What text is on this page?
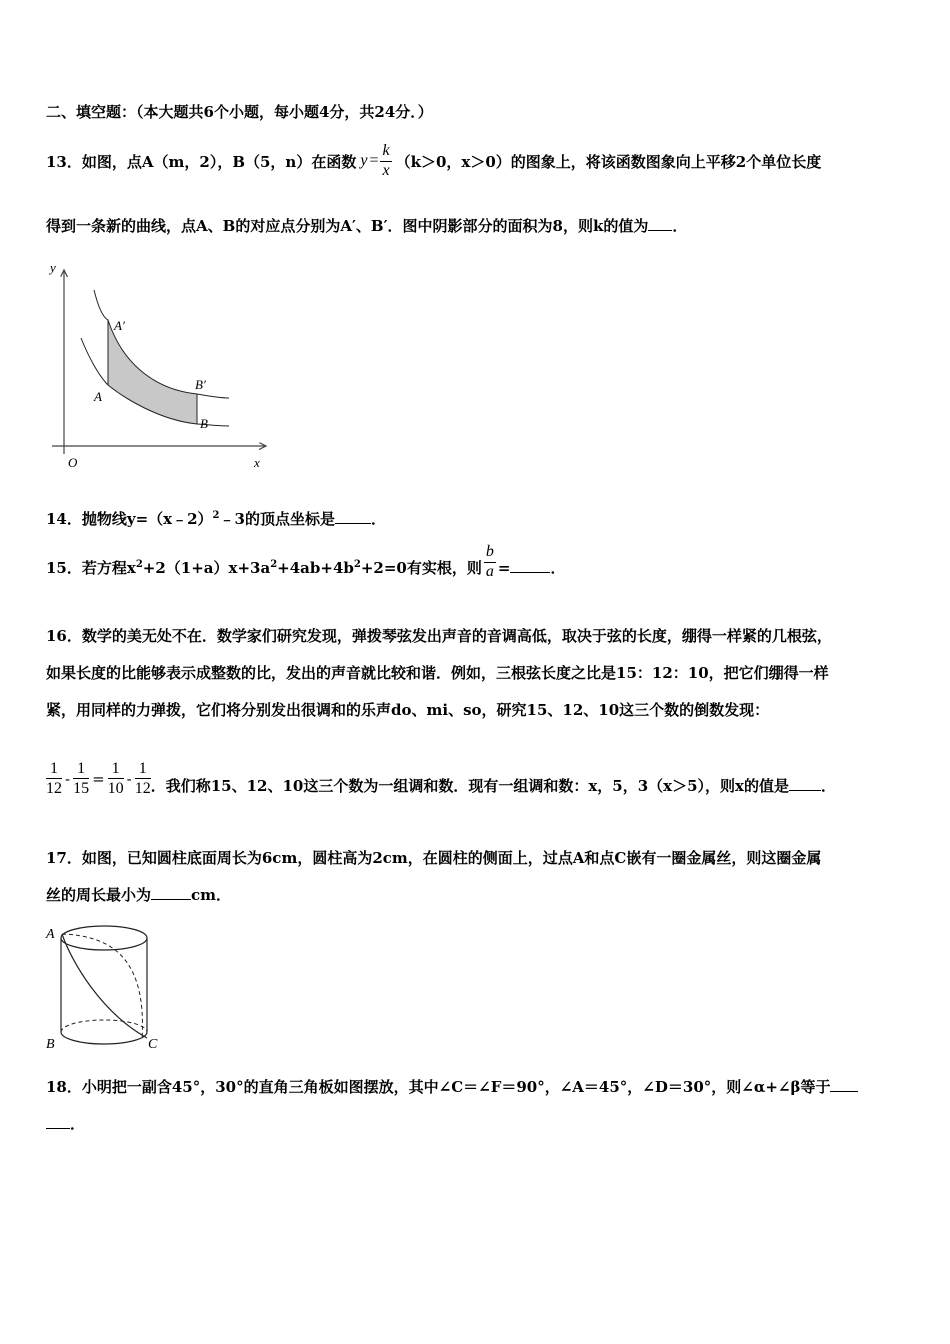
二、填空题：（本大题共6个小题，每小题4分，共24分．）
13．如图，点A（m，2），B（5，n）在函数 $y = \frac{k}{x} (k>0$，x＞0）的图象上，将该函数图象向上平移2个单位长度
得到一条新的曲线，点A、B的对应点分别为A′、B′．图中阴影部分的面积为8，则k的值为 ．
y
x
O
A′
A
B′
B
14．抛物线y=（x﹣2）$^2$﹣3的顶点坐标是 ．
15．若方程$x^2+2(1+a)x+3a^2+4ab+4b^2+2=0$有实根，则 $\frac{b}{a}$ =	．
16．数学的美无处不在．数学家们研究发现，弹拨琴弦发出声音的音调高低，取决于弦的长度，绷得一样紧的几根弦，
如果长度的比能够表示成整数的比，发出的声音就比较和谐．例如，三根弦长度之比是15：12：10，把它们绷得一样
紧，用同样的力弹拨，它们将分别发出很调和的乐声do、mi、so，研究15、12、10这三个数的倒数发现：
$\frac{1}{12} - \frac{1}{15} = \frac{1}{10} - \frac{1}{12}$ ．我们称15、12、10这三个数为一组调和数．现有一组调和数：x，5，3（x＞5），则x的值是 ．
17．如图，已知圆柱底面周长为6cm，圆柱高为2cm，在圆柱的侧面上，过点A和点C嵌有一圈金属丝，则这圈金属
丝的周长最小为	cm．
A
B	C
18．小明把一副含45°，30°的直角三角板如图摆放，其中∠C＝∠F＝90°，∠A＝45°，∠D＝30°，则∠α+∠β等于
．
